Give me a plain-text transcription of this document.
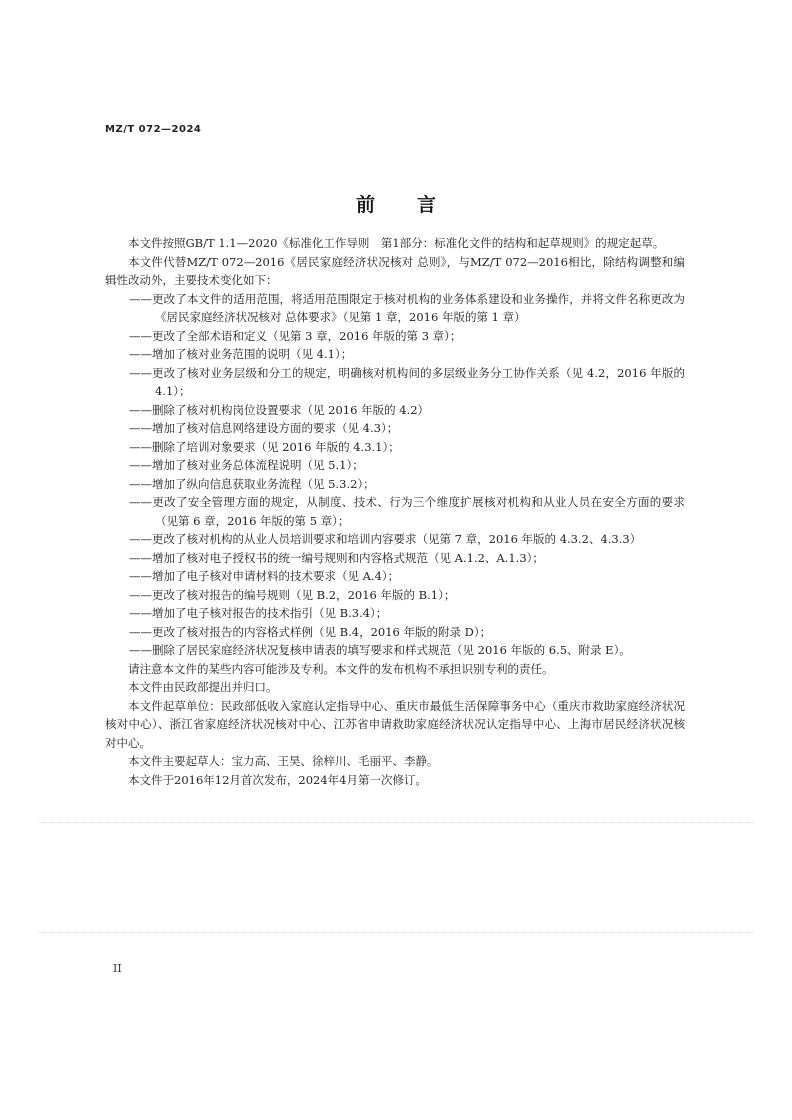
MZ/T 072—2024
前言

本文件按照GB/T 1.1—2020《标准化工作导则　第1部分：标准化文件的结构和起草规则》的规定起草。

本文件代替MZ/T 072—2016《居民家庭经济状况核对 总则》，与MZ/T 072—2016相比，除结构调整和编辑性改动外，主要技术变化如下：

——更改了本文件的适用范围，将适用范围限定于核对机构的业务体系建设和业务操作，并将文件名称更改为《居民家庭经济状况核对 总体要求》（见第 1 章，2016 年版的第 1 章）
——更改了全部术语和定义（见第 3 章，2016 年版的第 3 章）；
——增加了核对业务范围的说明（见 4.1）；
——更改了核对业务层级和分工的规定，明确核对机构间的多层级业务分工协作关系（见 4.2，2016 年版的 4.1）；
——删除了核对机构岗位设置要求（见 2016 年版的 4.2）
——增加了核对信息网络建设方面的要求（见 4.3）；
——删除了培训对象要求（见 2016 年版的 4.3.1）；
——增加了核对业务总体流程说明（见 5.1）；
——增加了纵向信息获取业务流程（见 5.3.2）；
——更改了安全管理方面的规定，从制度、技术、行为三个维度扩展核对机构和从业人员在安全方面的要求（见第 6 章，2016 年版的第 5 章）；
——更改了核对机构的从业人员培训要求和培训内容要求（见第 7 章，2016 年版的 4.3.2、4.3.3）
——增加了核对电子授权书的统一编号规则和内容格式规范（见 A.1.2、A.1.3）；
——增加了电子核对申请材料的技术要求（见 A.4）；
——更改了核对报告的编号规则（见 B.2，2016 年版的 B.1）；
——增加了电子核对报告的技术指引（见 B.3.4）；
——更改了核对报告的内容格式样例（见 B.4，2016 年版的附录 D）；
——删除了居民家庭经济状况复核申请表的填写要求和样式规范（见 2016 年版的 6.5、附录 E）。

请注意本文件的某些内容可能涉及专利。本文件的发布机构不承担识别专利的责任。

本文件由民政部提出并归口。

本文件起草单位：民政部低收入家庭认定指导中心、重庆市最低生活保障事务中心（重庆市救助家庭经济状况核对中心）、浙江省家庭经济状况核对中心、江苏省申请救助家庭经济状况认定指导中心、上海市居民经济状况核对中心。

本文件主要起草人：宝力高、王昊、徐梓川、毛丽平、李静。

本文件于2016年12月首次发布，2024年4月第一次修订。

II
